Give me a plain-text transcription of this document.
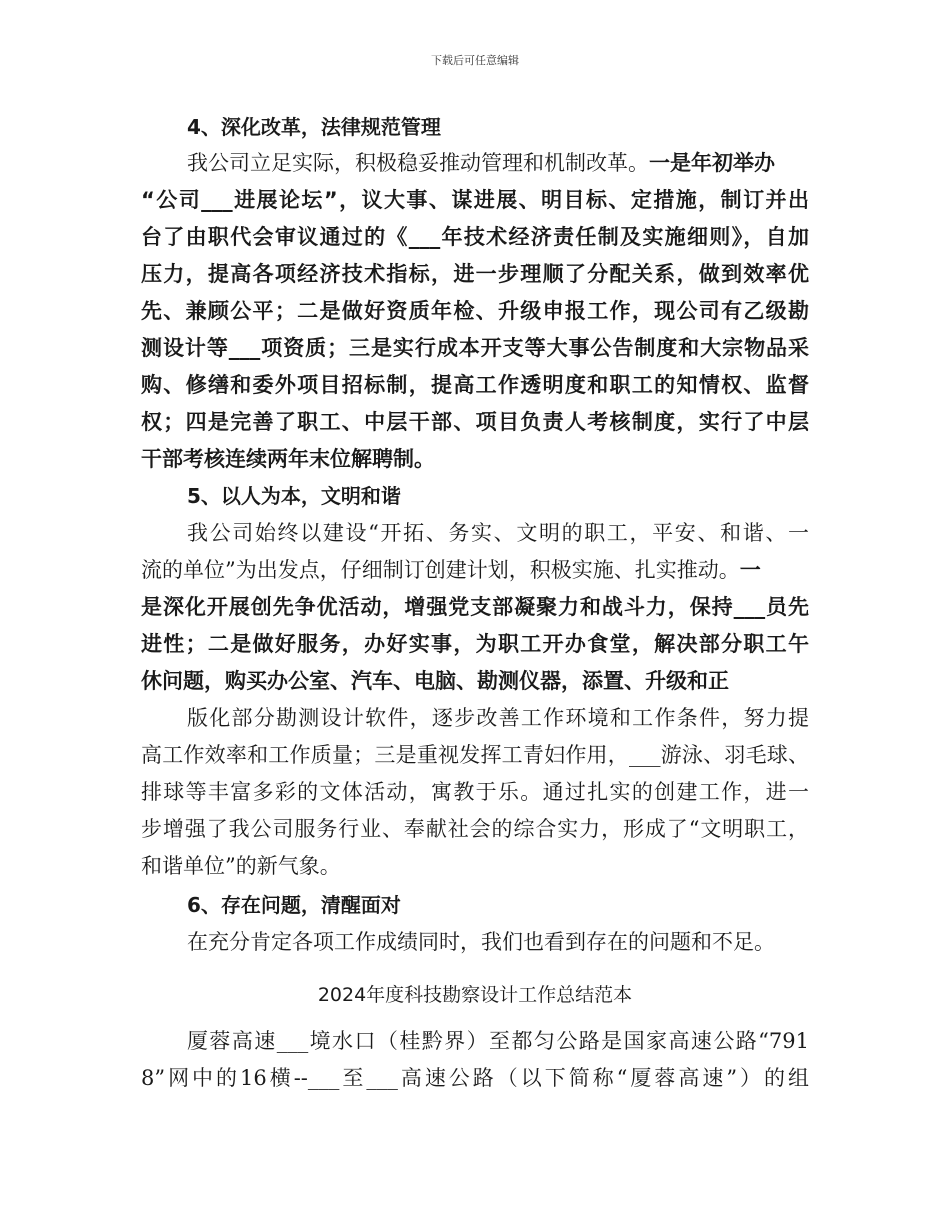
下载后可任意编辑
4、深化改革，法律规范管理
我公司立足实际，积极稳妥推动管理和机制改革。一是年初举办
“公司___进展论坛”，议大事、谋进展、明目标、定措施，制订并出
台了由职代会审议通过的《___年技术经济责任制及实施细则》，自加
压力，提高各项经济技术指标，进一步理顺了分配关系，做到效率优
先、兼顾公平；二是做好资质年检、升级申报工作，现公司有乙级勘
测设计等___项资质；三是实行成本开支等大事公告制度和大宗物品采
购、修缮和委外项目招标制，提高工作透明度和职工的知情权、监督
权；四是完善了职工、中层干部、项目负责人考核制度，实行了中层
干部考核连续两年末位解聘制。
5、以人为本，文明和谐
我公司始终以建设“开拓、务实、文明的职工，平安、和谐、一
流的单位”为出发点，仔细制订创建计划，积极实施、扎实推动。一
是深化开展创先争优活动，增强党支部凝聚力和战斗力，保持___员先
进性；二是做好服务，办好实事，为职工开办食堂，解决部分职工午
休问题，购买办公室、汽车、电脑、勘测仪器，添置、升级和正
版化部分勘测设计软件，逐步改善工作环境和工作条件，努力提
高工作效率和工作质量；三是重视发挥工青妇作用，___游泳、羽毛球、
排球等丰富多彩的文体活动，寓教于乐。通过扎实的创建工作，进一
步增强了我公司服务行业、奉献社会的综合实力，形成了“文明职工，
和谐单位”的新气象。
6、存在问题，清醒面对
在充分肯定各项工作成绩同时，我们也看到存在的问题和不足。
2024年度科技勘察设计工作总结范本
厦蓉高速___境水口（桂黔界）至都匀公路是国家高速公路“791
8”网中的16横--___至___高速公路（以下简称“厦蓉高速”）的组
